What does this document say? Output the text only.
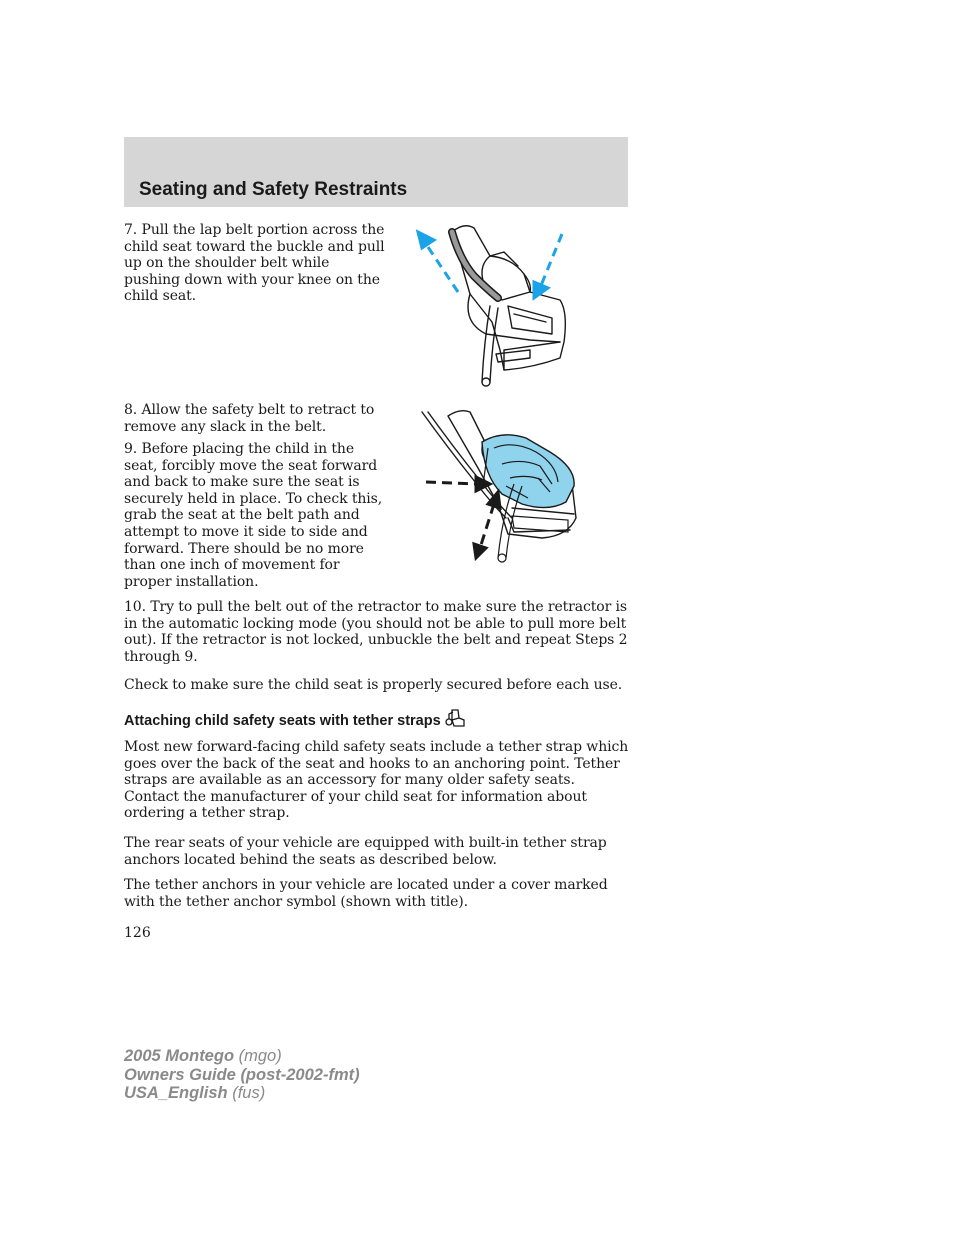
Seating and Safety Restraints

7. Pull the lap belt portion across the child seat toward the buckle and pull up on the shoulder belt while pushing down with your knee on the child seat.

8. Allow the safety belt to retract to remove any slack in the belt.

9. Before placing the child in the seat, forcibly move the seat forward and back to make sure the seat is securely held in place. To check this, grab the seat at the belt path and attempt to move it side to side and forward. There should be no more than one inch of movement for proper installation.

10. Try to pull the belt out of the retractor to make sure the retractor is in the automatic locking mode (you should not be able to pull more belt out). If the retractor is not locked, unbuckle the belt and repeat Steps 2 through 9.

Check to make sure the child seat is properly secured before each use.

Attaching child safety seats with tether straps

Most new forward-facing child safety seats include a tether strap which goes over the back of the seat and hooks to an anchoring point. Tether straps are available as an accessory for many older safety seats. Contact the manufacturer of your child seat for information about ordering a tether strap.

The rear seats of your vehicle are equipped with built-in tether strap anchors located behind the seats as described below.

The tether anchors in your vehicle are located under a cover marked with the tether anchor symbol (shown with title).

126

2005 Montego (mgo)
Owners Guide (post-2002-fmt)
USA_English (fus)
